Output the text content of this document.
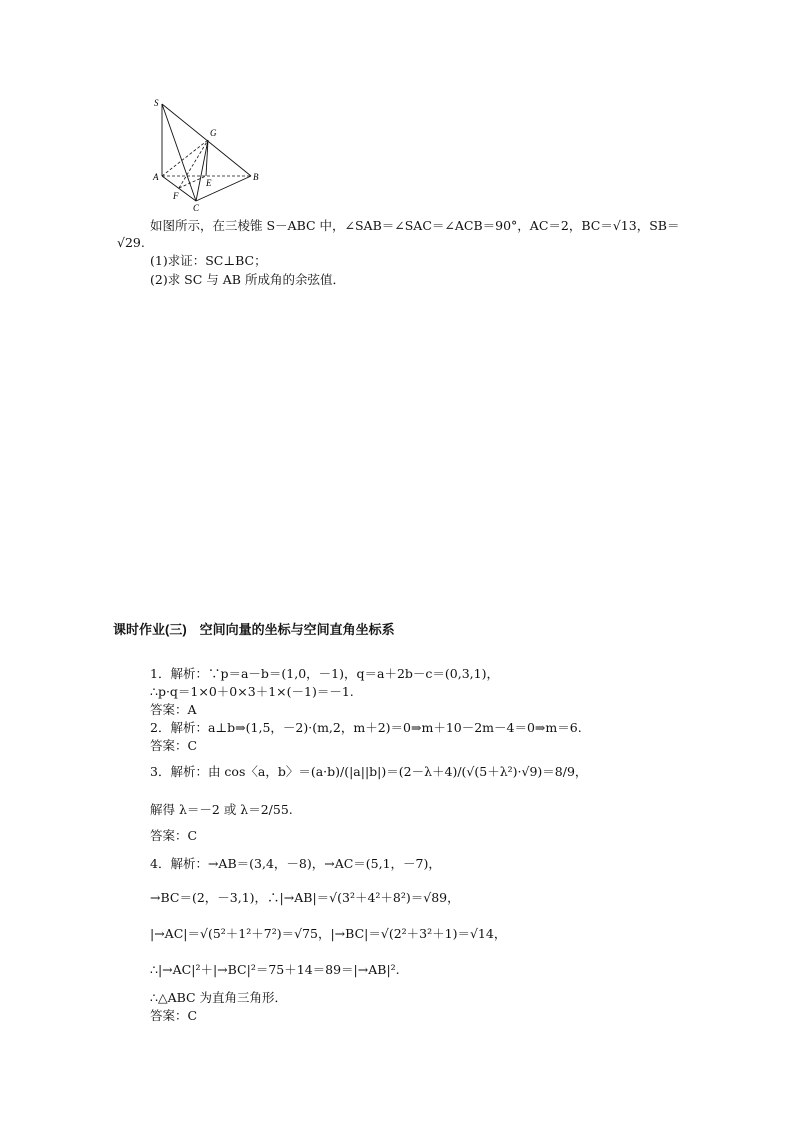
S
G
A
E
B
F
C
如图所示，在三棱锥 S－ABC 中，∠SAB＝∠SAC＝∠ACB＝90°，AC＝2，BC＝√13，SB＝
√29.
(1)求证：SC⊥BC；
(2)求 SC 与 AB 所成角的余弦值．
课时作业(三)　空间向量的坐标与空间直角坐标系
1．解析：∵p＝a－b＝(1,0，－1)，q＝a＋2b－c＝(0,3,1)，
∴p·q＝1×0＋0×3＋1×(－1)＝－1.
答案：A
2．解析：a⊥b⇒(1,5，－2)·(m,2，m＋2)＝0⇒m＋10－2m－4＝0⇒m＝6.
答案：C
3．解析：由 cos〈a，b〉＝(a·b)/(|a||b|)＝(2－λ＋4)/(√(5＋λ²)·√9)＝8/9，
解得 λ＝－2 或 λ＝2/55.
答案：C
4．解析：→AB＝(3,4，－8)，→AC＝(5,1，－7)，
→BC＝(2，－3,1)，∴|→AB|＝√(3²＋4²＋8²)＝√89，
|→AC|＝√(5²＋1²＋7²)＝√75，|→BC|＝√(2²＋3²＋1)＝√14，
∴|→AC|²＋|→BC|²＝75＋14＝89＝|→AB|².
∴△ABC 为直角三角形．
答案：C
